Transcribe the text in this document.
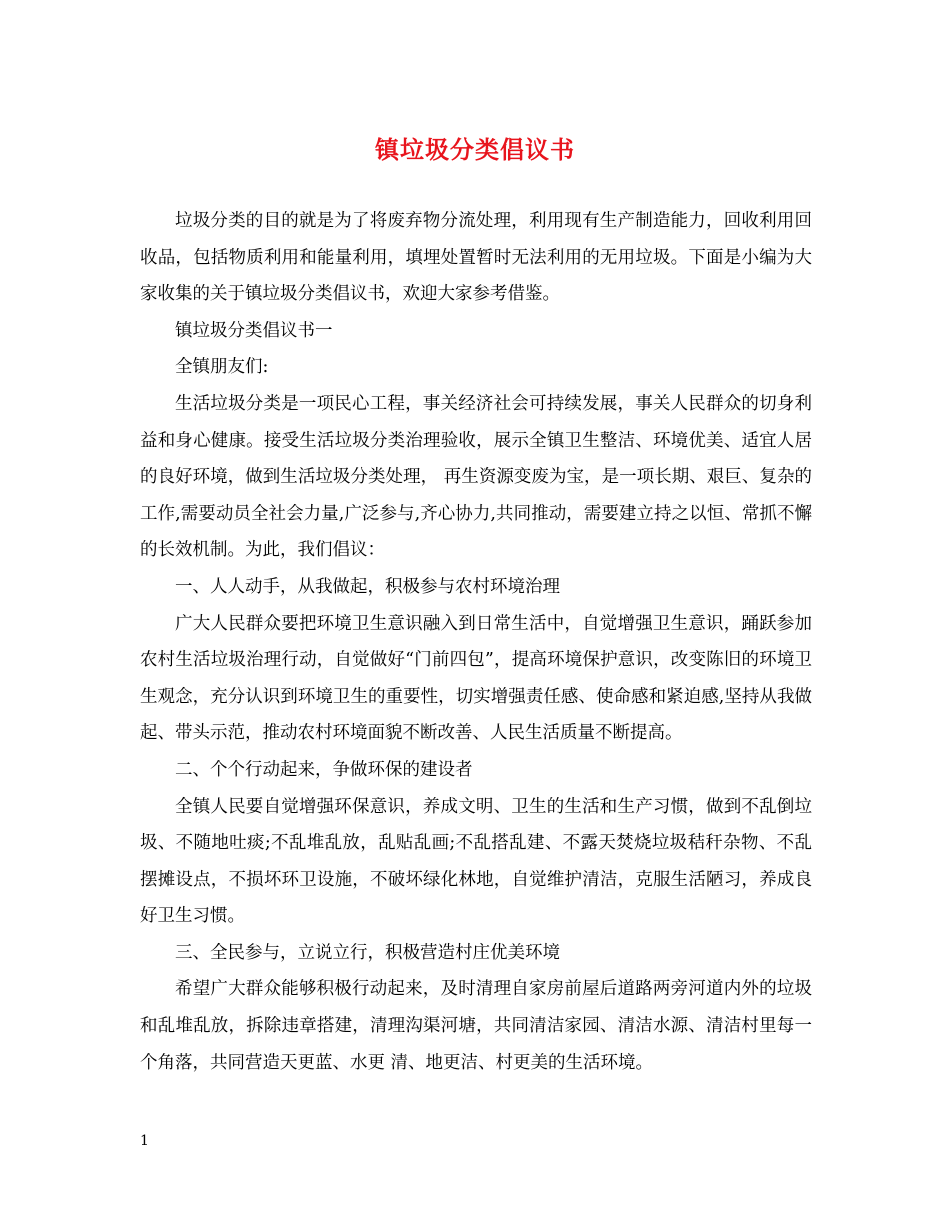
镇垃圾分类倡议书

垃圾分类的目的就是为了将废弃物分流处理，利用现有生产制造能力，回收利用回收品，包括物质利用和能量利用，填埋处置暂时无法利用的无用垃圾。下面是小编为大家收集的关于镇垃圾分类倡议书，欢迎大家参考借鉴。

镇垃圾分类倡议书一

全镇朋友们:

生活垃圾分类是一项民心工程，事关经济社会可持续发展，事关人民群众的切身利益和身心健康。接受生活垃圾分类治理验收，展示全镇卫生整洁、环境优美、适宜人居的良好环境，做到生活垃圾分类处理， 再生资源变废为宝，是一项长期、艰巨、复杂的工作,需要动员全社会力量,广泛参与,齐心协力,共同推动，需要建立持之以恒、常抓不懈的长效机制。为此，我们倡议：

一、人人动手，从我做起，积极参与农村环境治理

广大人民群众要把环境卫生意识融入到日常生活中，自觉增强卫生意识，踊跃参加农村生活垃圾治理行动，自觉做好“门前四包”，提高环境保护意识，改变陈旧的环境卫生观念，充分认识到环境卫生的重要性，切实增强责任感、使命感和紧迫感,坚持从我做起、带头示范，推动农村环境面貌不断改善、人民生活质量不断提高。

二、个个行动起来，争做环保的建设者

全镇人民要自觉增强环保意识，养成文明、卫生的生活和生产习惯，做到不乱倒垃圾、不随地吐痰;不乱堆乱放，乱贴乱画;不乱搭乱建、不露天焚烧垃圾秸秆杂物、不乱摆摊设点，不损坏环卫设施，不破坏绿化林地，自觉维护清洁，克服生活陋习，养成良好卫生习惯。

三、全民参与，立说立行，积极营造村庄优美环境

希望广大群众能够积极行动起来，及时清理自家房前屋后道路两旁河道内外的垃圾和乱堆乱放，拆除违章搭建，清理沟渠河塘，共同清洁家园、清洁水源、清洁村里每一个角落，共同营造天更蓝、水更 清、地更洁、村更美的生活环境。

1
